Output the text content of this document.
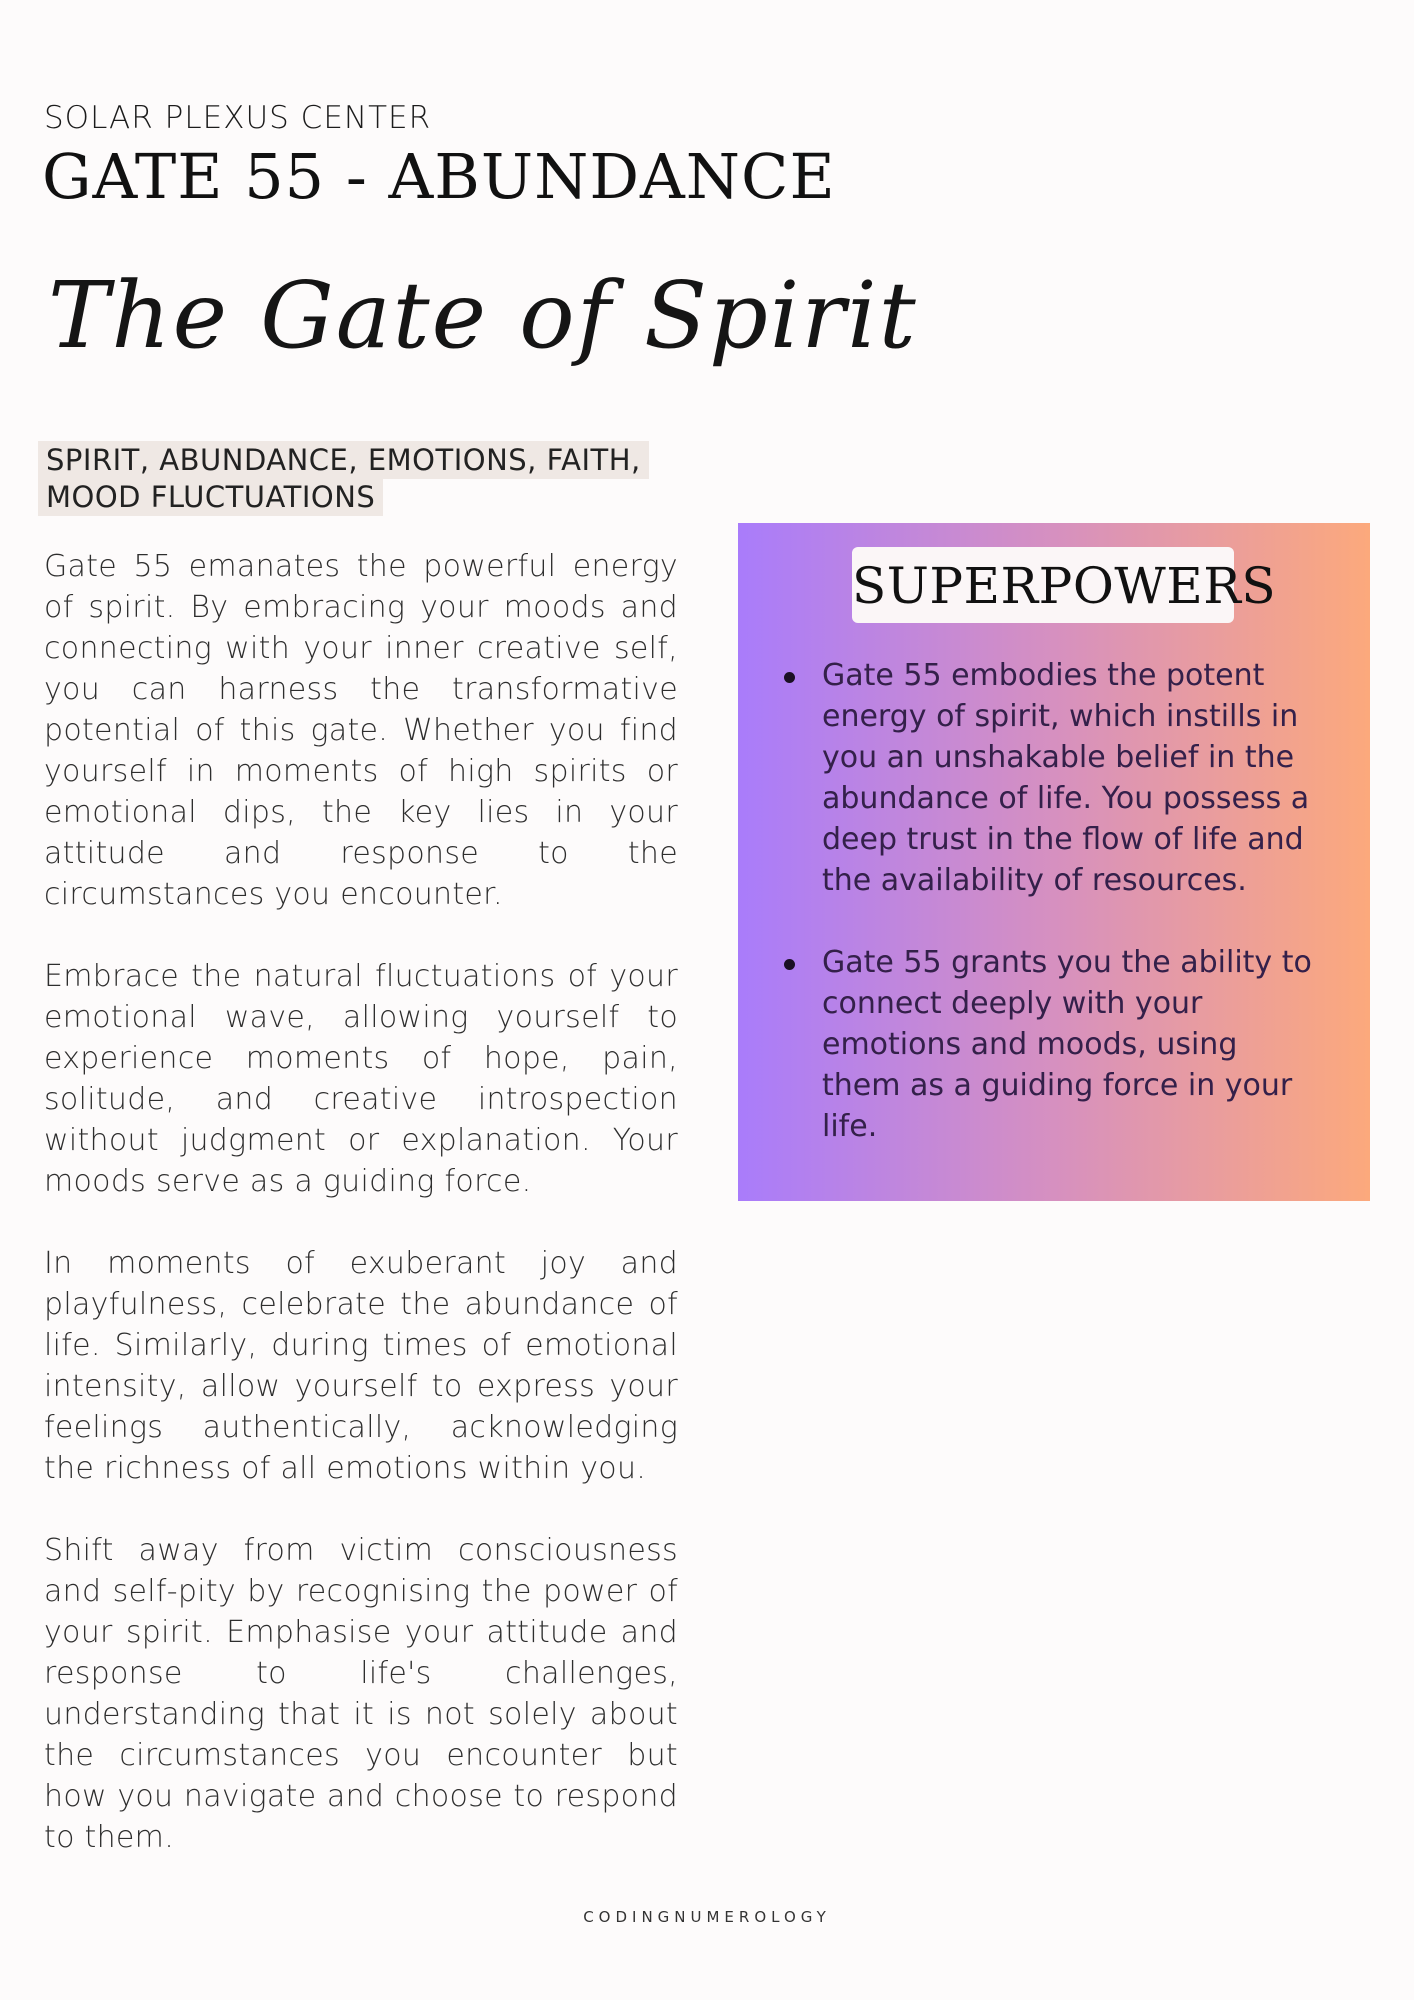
SOLAR PLEXUS CENTER
GATE 55 - ABUNDANCE
The Gate of Spirit
SPIRIT, ABUNDANCE, EMOTIONS, FAITH,
MOOD FLUCTUATIONS

Gate 55 emanates the powerful energy of spirit. By embracing your moods and connecting with your inner creative self, you can harness the transformative potential of this gate. Whether you find yourself in moments of high spirits or emotional dips, the key lies in your attitude and response to the circumstances you encounter.

Embrace the natural fluctuations of your emotional wave, allowing yourself to experience moments of hope, pain, solitude, and creative introspection without judgment or explanation. Your moods serve as a guiding force.

In moments of exuberant joy and playfulness, celebrate the abundance of life. Similarly, during times of emotional intensity, allow yourself to express your feelings authentically, acknowledging the richness of all emotions within you.

Shift away from victim consciousness and self-pity by recognising the power of your spirit. Emphasise your attitude and response to life's challenges, understanding that it is not solely about the circumstances you encounter but how you navigate and choose to respond to them.

SUPERPOWERS
Gate 55 embodies the potent energy of spirit, which instills in you an unshakable belief in the abundance of life. You possess a deep trust in the flow of life and the availability of resources.
Gate 55 grants you the ability to connect deeply with your emotions and moods, using them as a guiding force in your life.
CODINGNUMEROLOGY
